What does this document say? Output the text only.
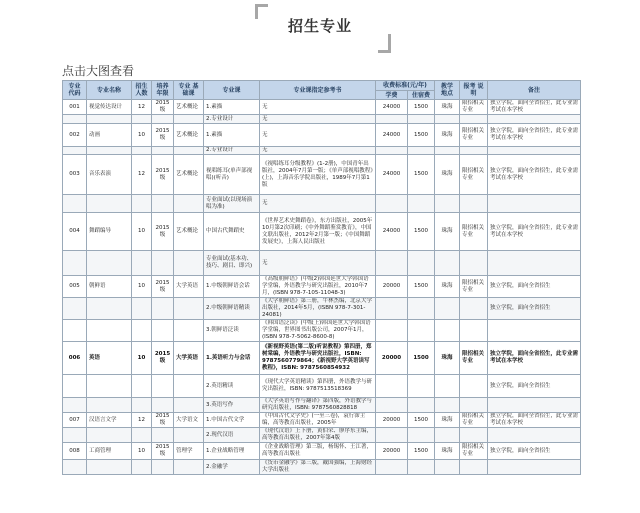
招生专业
点击大图查看
专业 代码	专业名称	招生 人数	培养 年限	专业 基础课	专业课	专业课指定参考书	收费标准(元/年)		教学 地点	报考 说明	备注
							学费	住宿费			
001	视觉传达设计	12	2015级	艺术概论	1.素描	无	24000	1500	珠海	限招相关专业	独立学院，面向全省招生，此专业需考试在本学校
					2.专业设计	无					
002	动画	10	2015级	艺术概论	1.素描	无	24000	1500	珠海	限招相关专业	独立学院，面向全省招生，此专业需考试在本学校
					2.专业设计	无					
003	音乐表演	12	2015级	艺术概论	视唱练耳(单声部视唱)(听音)	《视唱练耳分级教程》(1-2册)，中国青年出版社，2004年7月第一版；《单声部视唱教程》(上)，上海音乐学院出版社，1989年7月第1版	24000	1500	珠海	限招相关专业	独立学院，面向全省招生，此专业需考试在本学校
					专业面试(以现场演唱为准)	无					
004	舞蹈编导	10	2015级	艺术概论	中国古代舞蹈史	《世界艺术史舞蹈卷》，东方出版社，2005年10月第2次印刷；《中外舞蹈鉴赏教育》，中国文联出版社，2012年2月第一版；《中国舞蹈发展史》，上海人民出版社	24000	1500	珠海	限招相关专业	独立学院，面向全省招生，此专业需考试在本学校
					专业面试(基本功、技巧、剧目、即兴)	无					
005	朝鲜语	10	2015级	大学英语	1.中级朝鲜语会话	《高级朝鲜语》(中级2)韩国延世大学韩国语学堂编，外语教学与研究出版社，2010年7月，(ISBN 978-7-105-11048-3)	20000	1500	珠海	限招相关专业	独立学院，面向全省招生
					2.中级朝鲜语精读	《大学朝鲜语》第三册，牛林杰编，北京大学出版社，2014年5月，(ISBN 978-7-301-24081)					独立学院，面向全省招生
					3.朝鲜语泛读	《韩国语泛读》(中级上)韩国延世大学韩国语学堂编，世界图书出版公司，2007年1月，(ISBN 978-7-5062-8600-8)					
006	英语	10	2015级	大学英语	1.英语听力与会话	《新视野英语(第二版)听说教程》第四册，郑树棠编，外语教学与研究出版社，ISBN: 9787560779864；《新视野大学英语读写教程》，ISBN: 9787560854932	20000	1500	珠海	限招相关专业	独立学院，面向全省招生，此专业需考试在本学校
					2.英语精读	《现代大学英语精读》第四册，外语教学与研究出版社，ISBN: 9787513518369					独立学院，面向全省招生
					3.英语写作	《大学英语写作与翻译》第四版，外语教学与研究出版社，ISBN: 9787560828818					
007	汉语言文学	12	2015级	大学语文	1.中国古代文学	《中国古代文学史》(一至三卷)，袁行霈主编，高等教育出版社，2005年	20000	1500	珠海	限招相关专业	独立学院，面向全省招生，此专业需考试在本学校
					2.现代汉语	《现代汉语》上下册，黄伯荣、廖序东主编，高等教育出版社，2007年第4版					
008	工商管理	10	2015级	管理学	1.企业战略管理	《企业战略管理》第三版，杨锡怀、王江著，高等教育出版社	20000	1500	珠海	限招相关专业	独立学院，面向全省招生
					2.金融学	《货币金融学》第三版，戴国强编，上海财经大学出版社					
